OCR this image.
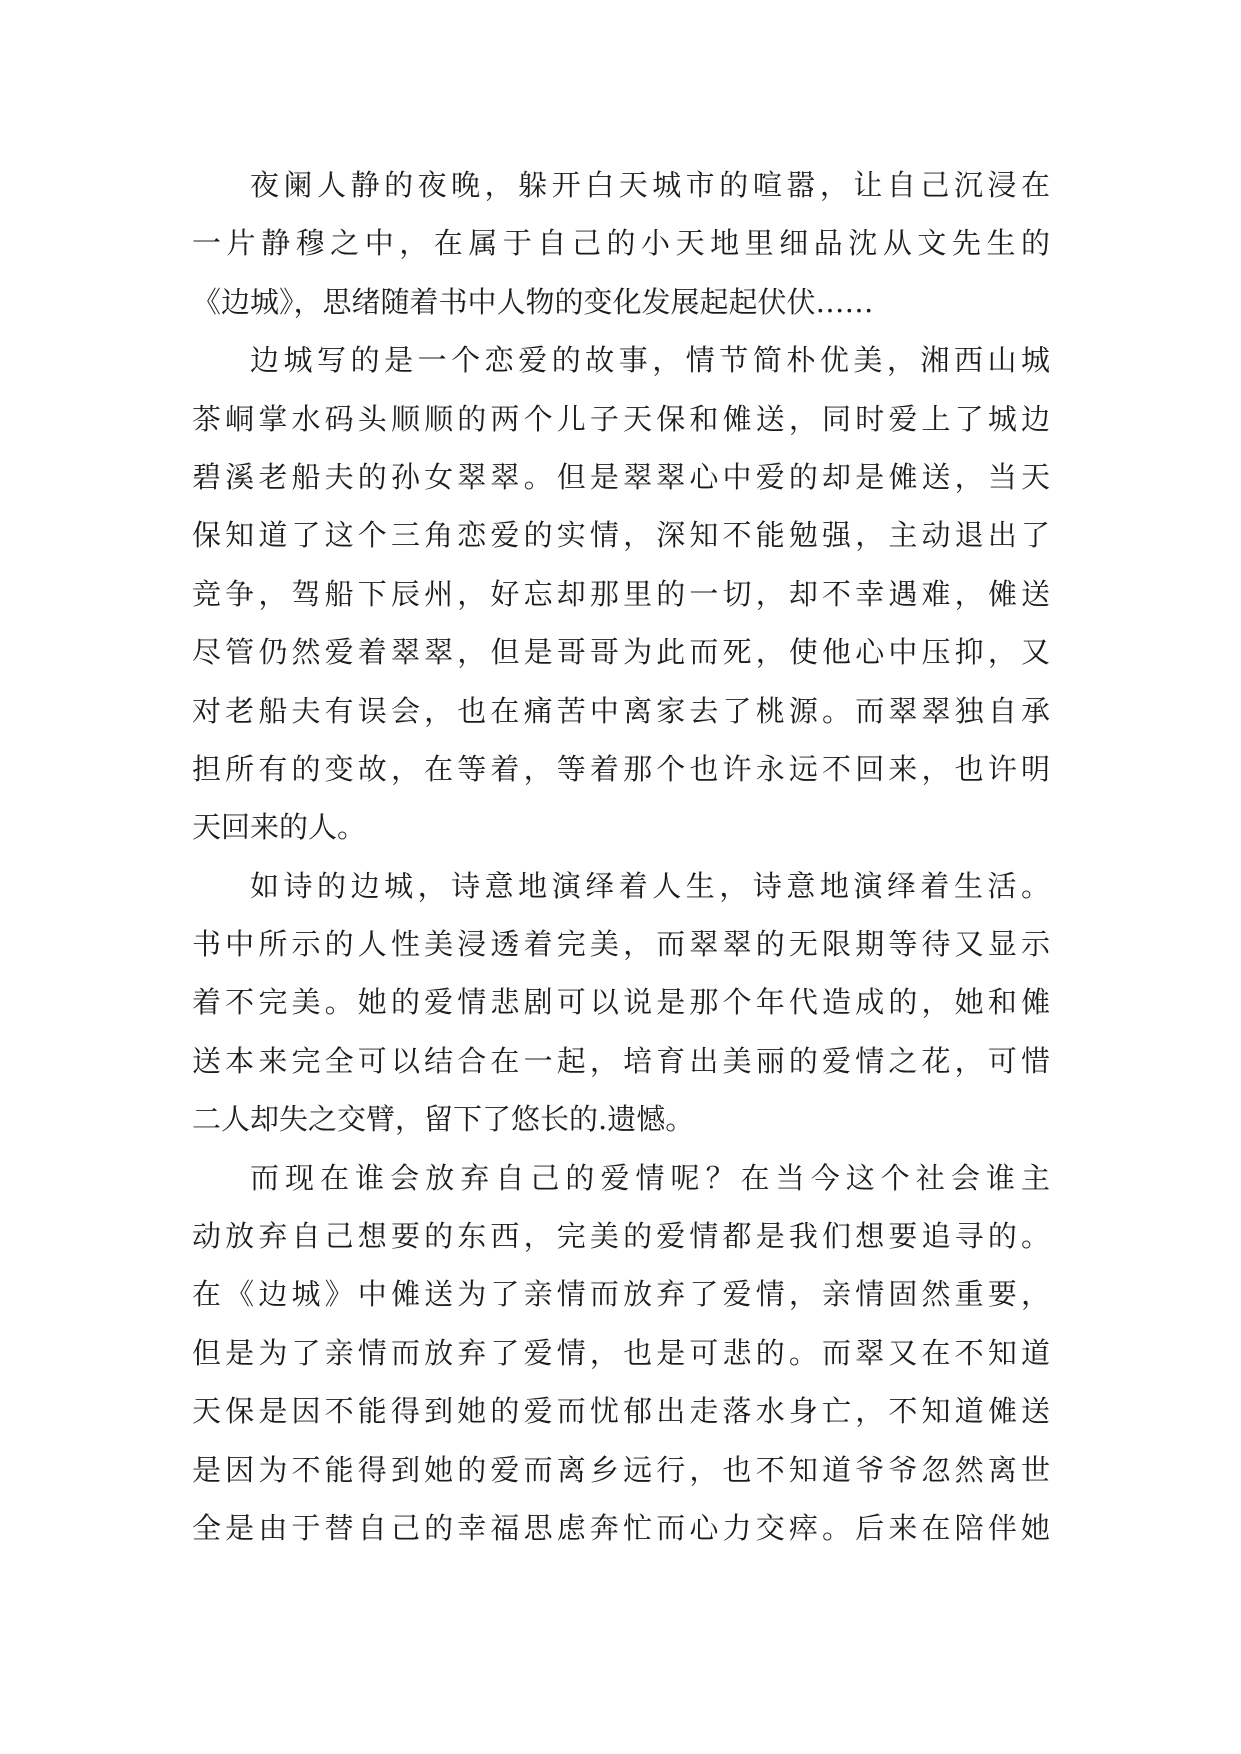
夜阑人静的夜晚，躲开白天城市的喧嚣，让自己沉浸在
一片静穆之中，在属于自己的小天地里细品沈从文先生的
《边城》，思绪随着书中人物的变化发展起起伏伏……
边城写的是一个恋爱的故事，情节简朴优美，湘西山城
茶峒掌水码头顺顺的两个儿子天保和傩送，同时爱上了城边
碧溪老船夫的孙女翠翠。但是翠翠心中爱的却是傩送，当天
保知道了这个三角恋爱的实情，深知不能勉强，主动退出了
竞争，驾船下辰州，好忘却那里的一切，却不幸遇难，傩送
尽管仍然爱着翠翠，但是哥哥为此而死，使他心中压抑，又
对老船夫有误会，也在痛苦中离家去了桃源。而翠翠独自承
担所有的变故，在等着，等着那个也许永远不回来，也许明
天回来的人。
如诗的边城，诗意地演绎着人生，诗意地演绎着生活。
书中所示的人性美浸透着完美，而翠翠的无限期等待又显示
着不完美。她的爱情悲剧可以说是那个年代造成的，她和傩
送本来完全可以结合在一起，培育出美丽的爱情之花，可惜
二人却失之交臂，留下了悠长的.遗憾。
而现在谁会放弃自己的爱情呢？在当今这个社会谁主
动放弃自己想要的东西，完美的爱情都是我们想要追寻的。
在《边城》中傩送为了亲情而放弃了爱情，亲情固然重要，
但是为了亲情而放弃了爱情，也是可悲的。而翠又在不知道
天保是因不能得到她的爱而忧郁出走落水身亡，不知道傩送
是因为不能得到她的爱而离乡远行，也不知道爷爷忽然离世
全是由于替自己的幸福思虑奔忙而心力交瘁。后来在陪伴她
